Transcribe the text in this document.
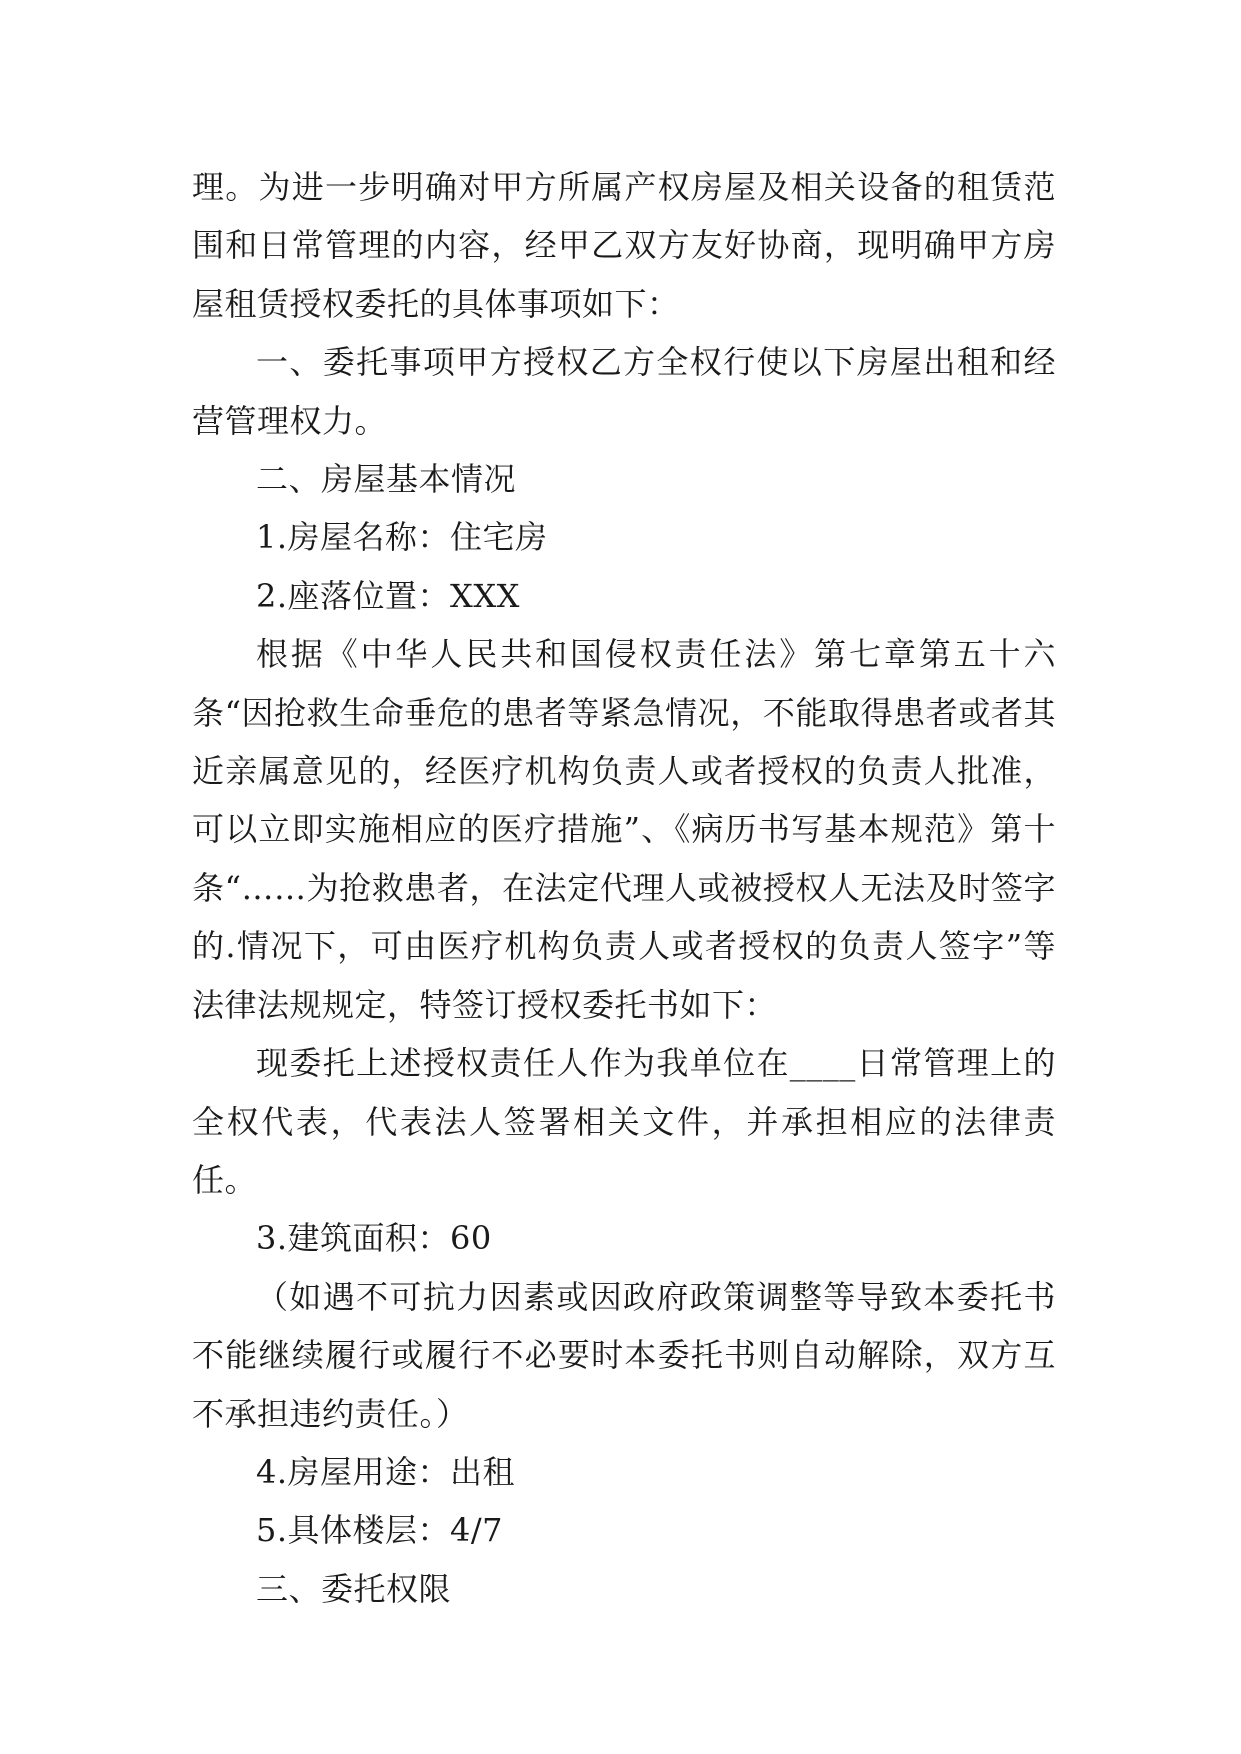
理。为进一步明确对甲方所属产权房屋及相关设备的租赁范围和日常管理的内容，经甲乙双方友好协商，现明确甲方房屋租赁授权委托的具体事项如下：

一、委托事项甲方授权乙方全权行使以下房屋出租和经营管理权力。

二、房屋基本情况

1.房屋名称：住宅房

2.座落位置：XXX

根据《中华人民共和国侵权责任法》第七章第五十六条“因抢救生命垂危的患者等紧急情况，不能取得患者或者其近亲属意见的，经医疗机构负责人或者授权的负责人批准，可以立即实施相应的医疗措施”、《病历书写基本规范》第十条“……为抢救患者，在法定代理人或被授权人无法及时签字的.情况下，可由医疗机构负责人或者授权的负责人签字”等法律法规规定，特签订授权委托书如下：

现委托上述授权责任人作为我单位在____日常管理上的全权代表，代表法人签署相关文件，并承担相应的法律责任。

3.建筑面积：60

（如遇不可抗力因素或因政府政策调整等导致本委托书不能继续履行或履行不必要时本委托书则自动解除，双方互不承担违约责任。）

4.房屋用途：出租

5.具体楼层：4/7

三、委托权限
